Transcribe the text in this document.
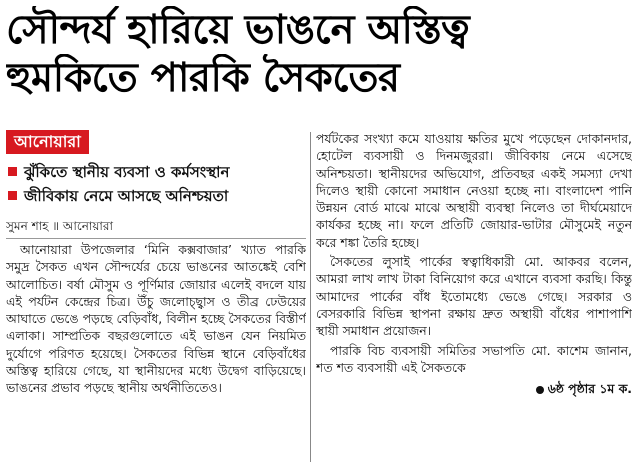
সৌন্দর্য হারিয়ে ভাঙনে অস্তিত্ব
হুমকিতে পারকি সৈকতের
আনোয়ারা
ঝুঁকিতে স্থানীয় ব্যবসা ও কর্মসংস্থান
জীবিকায় নেমে আসছে অনিশ্চয়তা
সুমন শাহ ॥ আনোয়ারা

আনোয়ারা উপজেলার ‘মিনি কক্সবাজার’ খ্যাত পারকি সমুদ্র সৈকত এখন সৌন্দর্যের চেয়ে ভাঙনের আতঙ্কেই বেশি আলোচিত। বর্ষা মৌসুম ও পূর্ণিমার জোয়ার এলেই বদলে যায় এই পর্যটন কেন্দ্রের চিত্র। উঁচু জলোচ্ছ্বাস ও তীব্র ঢেউয়ের আঘাতে ভেঙে পড়ছে বেড়িবাঁধ, বিলীন হচ্ছে সৈকতের বিস্তীর্ণ এলাকা। সাম্প্রতিক বছরগুলোতে এই ভাঙন যেন নিয়মিত দুর্যোগে পরিণত হয়েছে। সৈকতের বিভিন্ন স্থানে বেড়িবাঁধের অস্তিত্ব হারিয়ে গেছে, যা স্থানীয়দের মধ্যে উদ্বেগ বাড়িয়েছে। ভাঙনের প্রভাব পড়ছে স্থানীয় অর্থনীতিতেও।

পর্যটকের সংখ্যা কমে যাওয়ায় ক্ষতির মুখে পড়েছেন দোকানদার, হোটেল ব্যবসায়ী ও দিনমজুররা। জীবিকায় নেমে এসেছে অনিশ্চয়তা। স্থানীয়দের অভিযোগ, প্রতিবছর একই সমস্যা দেখা দিলেও স্থায়ী কোনো সমাধান নেওয়া হচ্ছে না। বাংলাদেশ পানি উন্নয়ন বোর্ড মাঝে মাঝে অস্থায়ী ব্যবস্থা নিলেও তা দীর্ঘমেয়াদে কার্যকর হচ্ছে না। ফলে প্রতিটি জোয়ার-ভাটার মৌসুমেই নতুন করে শঙ্কা তৈরি হচ্ছে।

সৈকতের লুসাই পার্কের স্বত্বাধিকারী মো. আকবর বলেন, আমরা লাখ লাখ টাকা বিনিয়োগ করে এখানে ব্যবসা করছি। কিন্তু আমাদের পার্কের বাঁধ ইতোমধ্যে ভেঙে গেছে। সরকার ও বেসরকারি বিভিন্ন স্থাপনা রক্ষায় দ্রুত অস্থায়ী বাঁধের পাশাপাশি স্থায়ী সমাধান প্রয়োজন।

পারকি বিচ ব্যবসায়ী সমিতির সভাপতি মো. কাশেম জানান, শত শত ব্যবসায়ী এই সৈকতকে

৬ষ্ঠ পৃষ্ঠার ১ম ক.
